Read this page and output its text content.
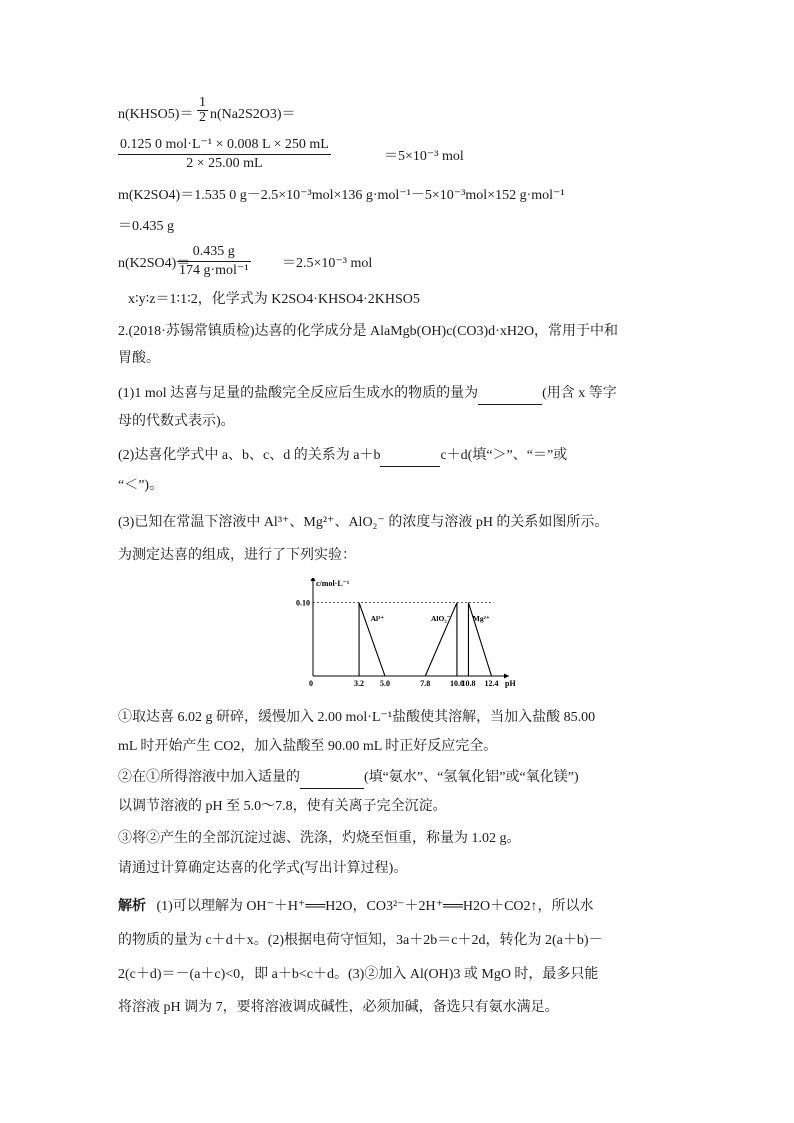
n(KHSO5)＝
1
2 n(Na2S2O3)＝
0.125 0 mol·L⁻¹ × 0.008 L × 250 mL
2 × 25.00 mL	＝5×10⁻³ mol
m(K2SO4)＝1.535 0 g－2.5×10⁻³mol×136 g·mol⁻¹－5×10⁻³mol×152 g·mol⁻¹
＝0.435 g
n(K2SO4)＝
0.435 g
174 g·mol⁻¹ ＝2.5×10⁻³ mol
x∶y∶z＝1∶1∶2，化学式为 K2SO4·KHSO4·2KHSO5
2.(2018·苏锡常镇质检)达喜的化学成分是 AlaMgb(OH)c(CO3)d·xH2O，常用于中和
胃酸。
(1)1 mol 达喜与足量的盐酸完全反应后生成水的物质的量为	(用含 x 等字
母的代数式表示)。
(2)达喜化学式中 a、b、c、d 的关系为 a＋b	c＋d(填“＞”、“＝”或
“＜”)。
(3)已知在常温下溶液中 Al³⁺、Mg²⁺、AlO₂⁻ 的浓度与溶液 pH 的关系如图所示。
为测定达喜的组成，进行了下列实验：
c/mol·L⁻¹
pH
0.10
0	3.2 5.0	7.8 10.0
10.8 12.4
Al³⁺	AlO₂⁻	Mg²⁺
①取达喜 6.02 g 研碎，缓慢加入 2.00 mol·L⁻¹盐酸使其溶解，当加入盐酸 85.00
mL 时开始产生 CO2，加入盐酸至 90.00 mL 时正好反应完全。
②在①所得溶液中加入适量的	(填“氨水”、“氢氧化铝”或“氧化镁”)
以调节溶液的 pH 至 5.0～7.8，使有关离子完全沉淀。
③将②产生的全部沉淀过滤、洗涤，灼烧至恒重，称量为 1.02 g。
请通过计算确定达喜的化学式(写出计算过程)。
解析 (1)可以理解为 OH⁻＋H⁺══H2O，CO3²⁻＋2H⁺══H2O＋CO2↑，所以水
的物质的量为 c＋d＋x。(2)根据电荷守恒知，3a＋2b＝c＋2d，转化为 2(a＋b)－
2(c＋d)＝－(a＋c)<0，即 a＋b<c＋d。(3)②加入 Al(OH)3 或 MgO 时，最多只能
将溶液 pH 调为 7，要将溶液调成碱性，必须加碱，备选只有氨水满足。
